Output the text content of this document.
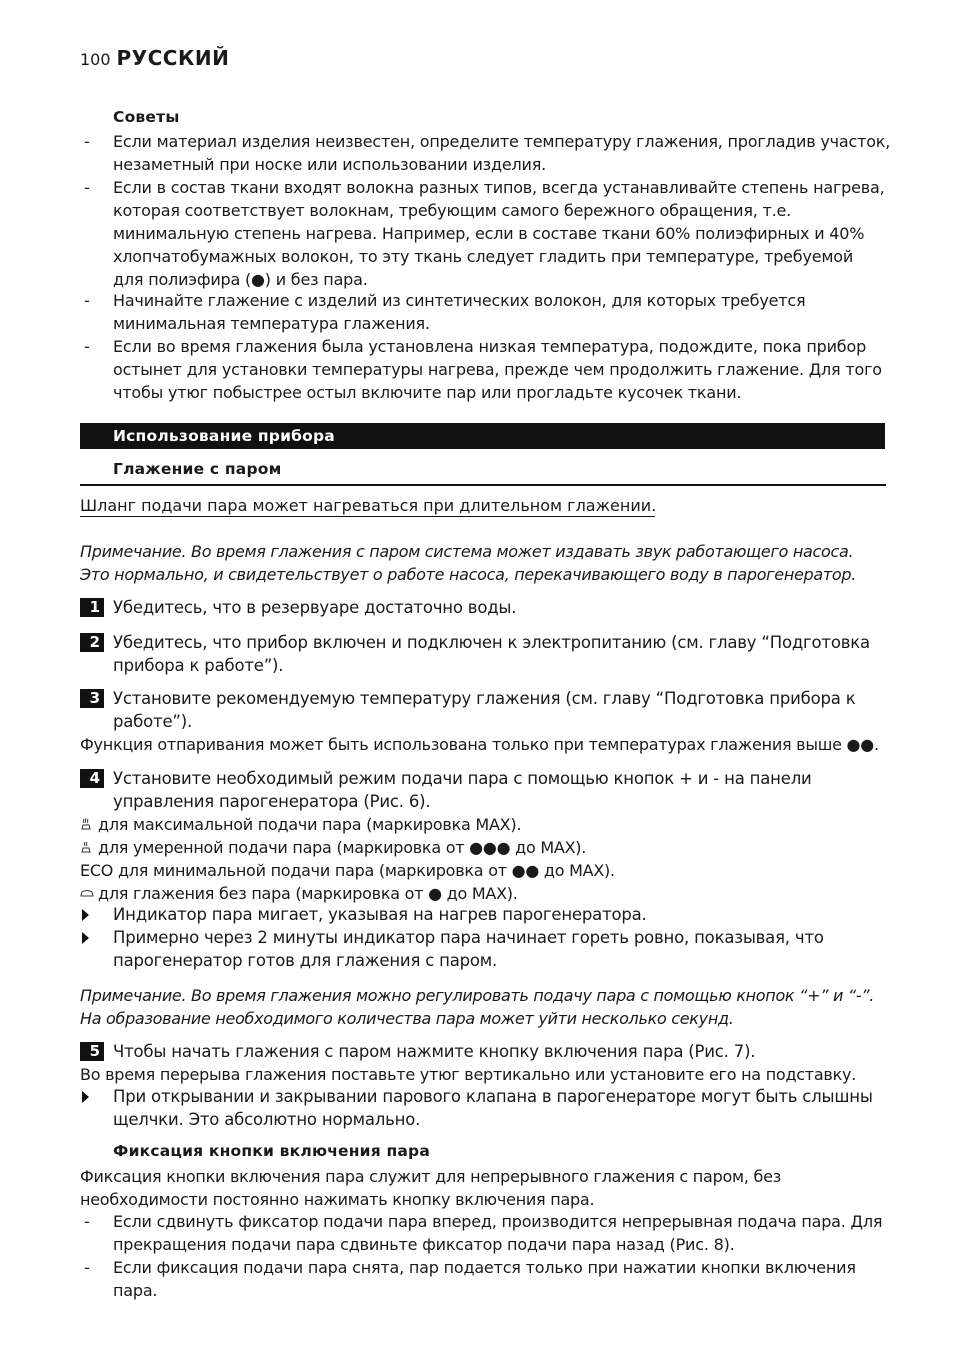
100 РУССКИЙ
Советы
-	Если материал изделия неизвестен, определите температуру глажения, прогладив участок,
незаметный при носке или использовании изделия.
-	Если в состав ткани входят волокна разных типов, всегда устанавливайте степень нагрева,
которая соответствует волокнам, требующим самого бережного обращения, т.е.
минимальную степень нагрева. Например, если в составе ткани 60% полиэфирных и 40%
хлопчатобумажных волокон, то эту ткань следует гладить при температуре, требуемой
для полиэфира (●) и без пара.
-	Начинайте глажение с изделий из синтетических волокон, для которых требуется
минимальная температура глажения.
-	Если во время глажения была установлена низкая температура, подождите, пока прибор
остынет для установки температуры нагрева, прежде чем продолжить глажение. Для того
чтобы утюг побыстрее остыл включите пар или прогладьте кусочек ткани.
Использование прибора
Глажение с паром
Шланг подачи пара может нагреваться при длительном глажении.
Примечание. Во время глажения с паром система может издавать звук работающего насоса.
Это нормально, и свидетельствует о работе насоса, перекачивающего воду в парогенератор.
1 Убедитесь, что в резервуаре достаточно воды.
2 Убедитесь, что прибор включен и подключен к электропитанию (см. главу “Подготовка
прибора к работе”).
3 Установите рекомендуемую температуру глажения (см. главу “Подготовка прибора к
работе”).
Функция отпаривания может быть использована только при температурах глажения выше ●●.
4 Установите необходимый режим подачи пара с помощью кнопок + и - на панели
управления парогенератора (Рис. 6).
для максимальной подачи пара (маркировка MAX).
для умеренной подачи пара (маркировка от ●●● до MAX).
ECO для минимальной подачи пара (маркировка от ●● до MAX).
для глажения без пара (маркировка от ● до MAX).
Индикатор пара мигает, указывая на нагрев парогенератора.
Примерно через 2 минуты индикатор пара начинает гореть ровно, показывая, что
парогенератор готов для глажения с паром.
Примечание. Во время глажения можно регулировать подачу пара с помощью кнопок “+” и “-”.
На образование необходимого количества пара может уйти несколько секунд.
5 Чтобы начать глажения с паром нажмите кнопку включения пара (Рис. 7).
Во время перерыва глажения поставьте утюг вертикально или установите его на подставку.
При открывании и закрывании парового клапана в парогенераторе могут быть слышны
щелчки. Это абсолютно нормально.
Фиксация кнопки включения пара
Фиксация кнопки включения пара служит для непрерывного глажения с паром, без
необходимости постоянно нажимать кнопку включения пара.
-	Если сдвинуть фиксатор подачи пара вперед, производится непрерывная подача пара. Для
прекращения подачи пара сдвиньте фиксатор подачи пара назад (Рис. 8).
-	Если фиксация подачи пара снята, пар подается только при нажатии кнопки включения
пара.
